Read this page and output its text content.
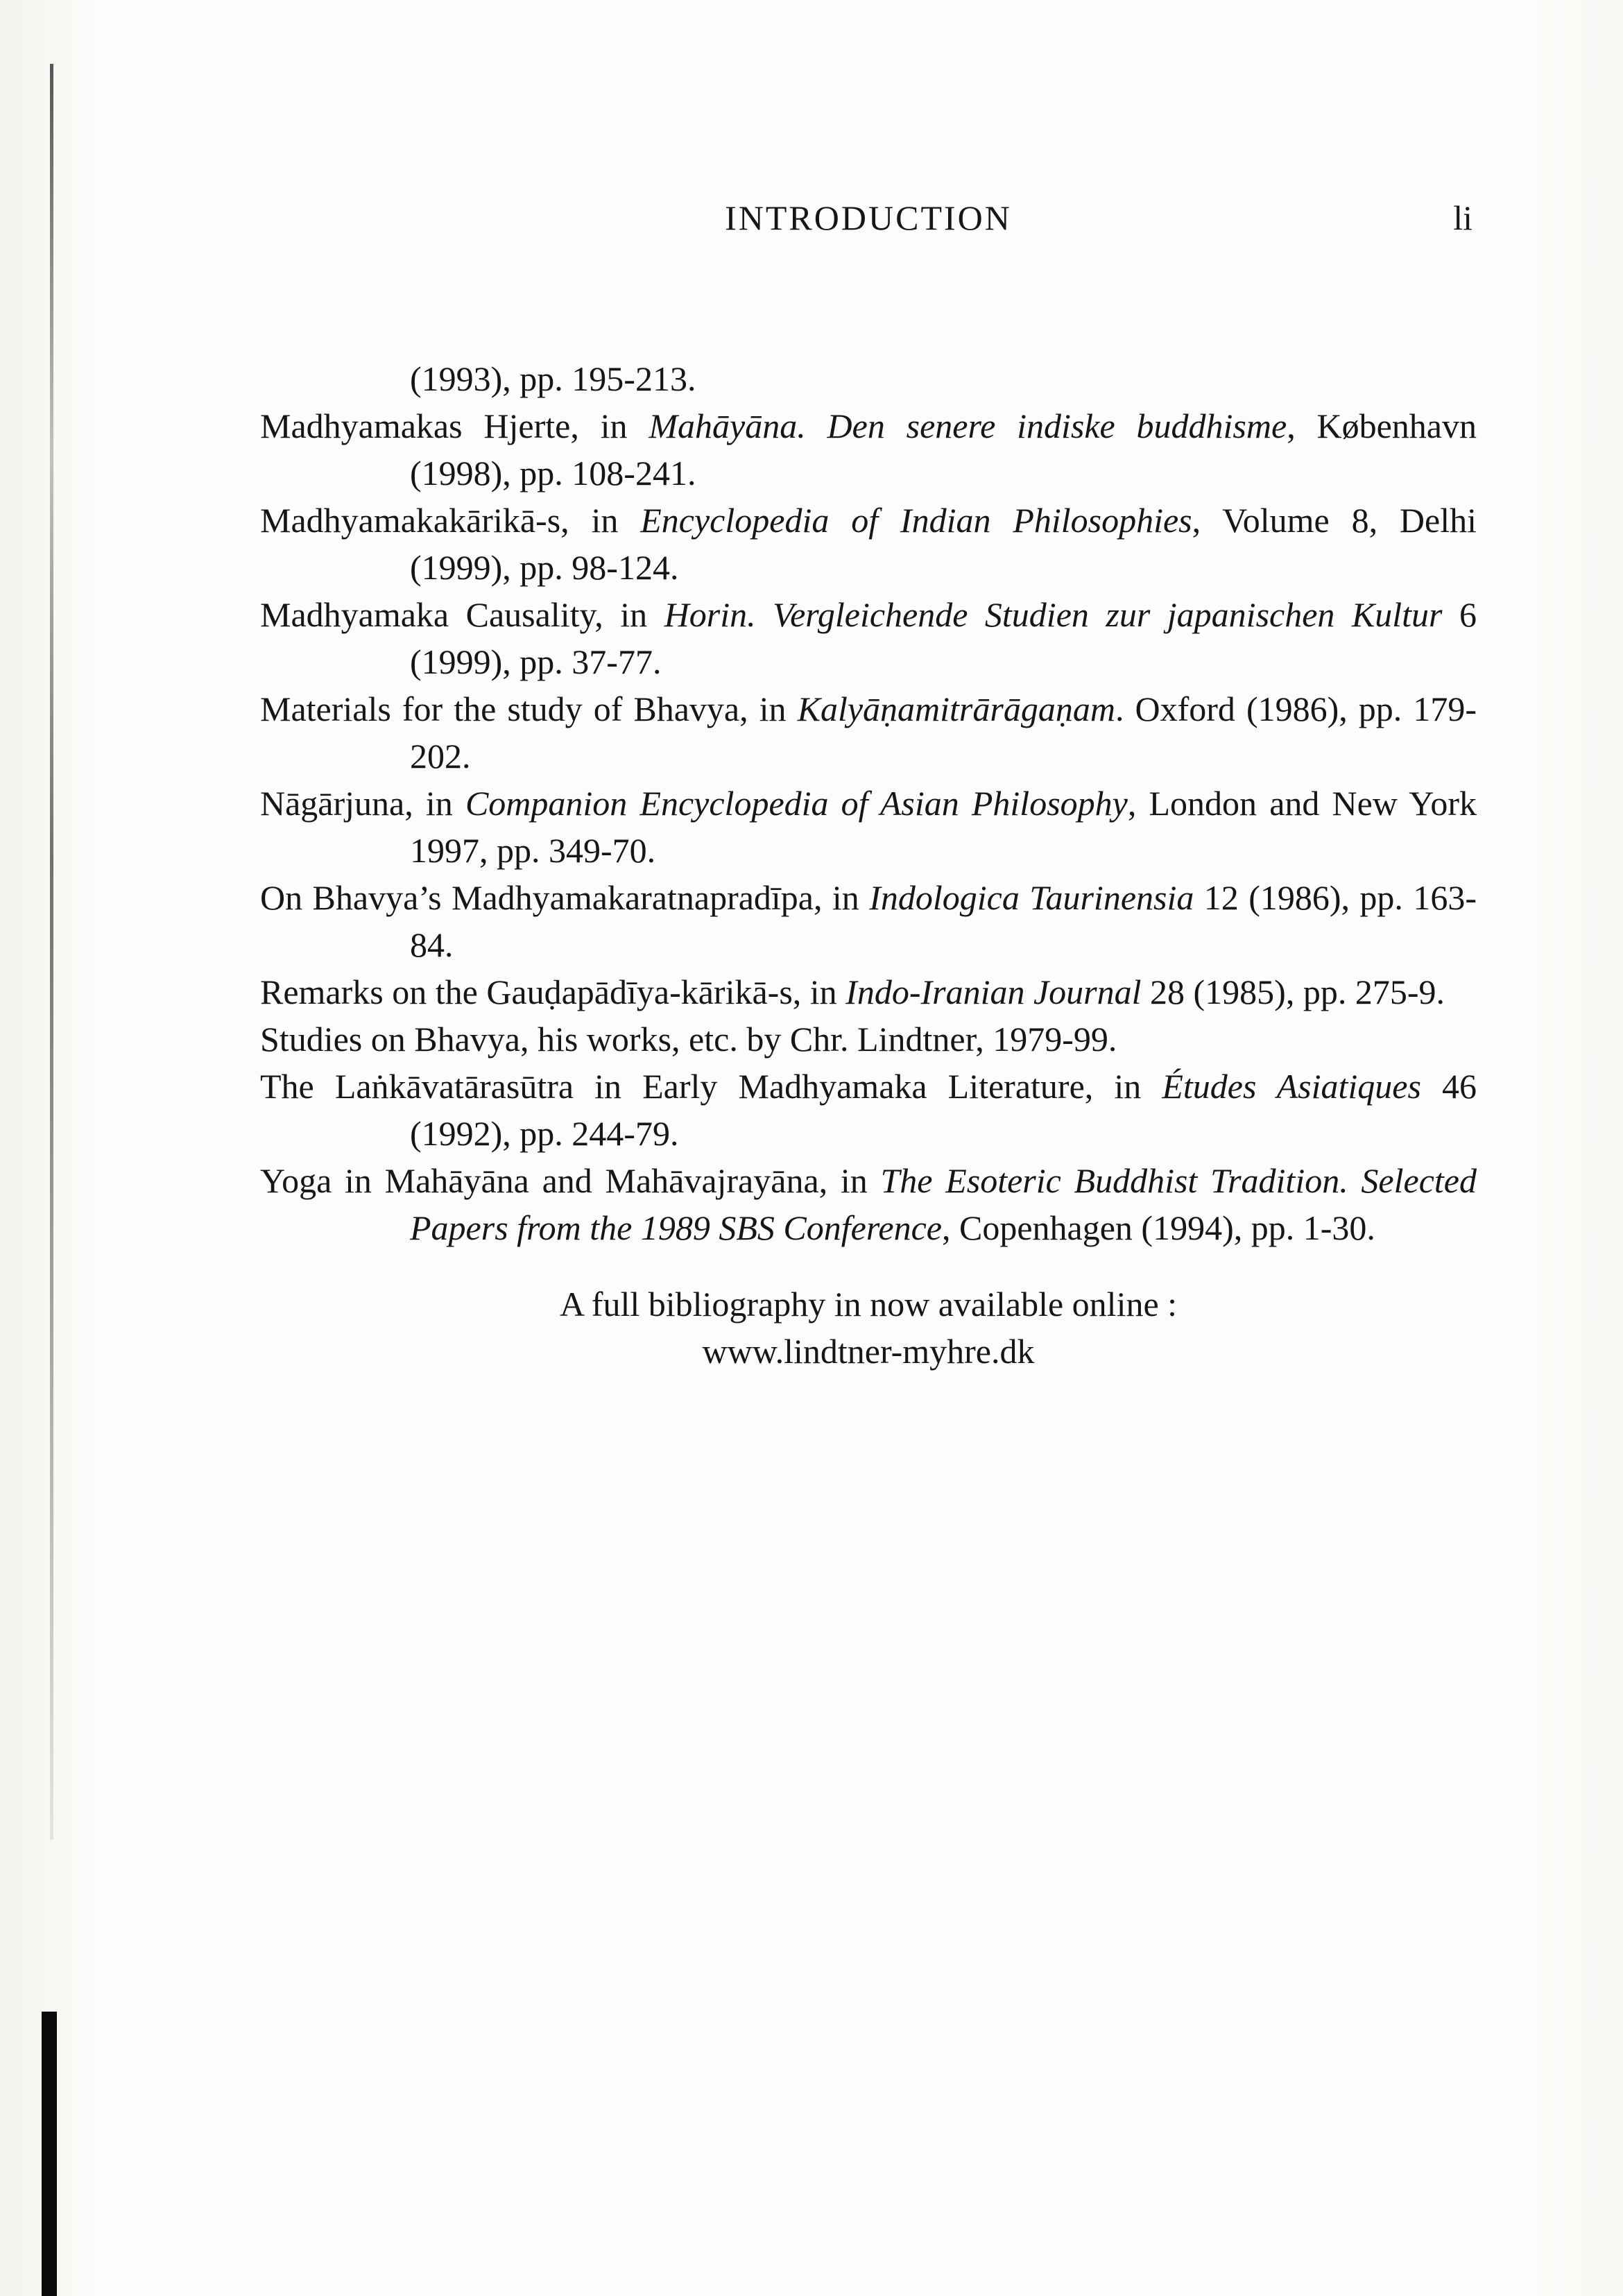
INTRODUCTION	li

(1993), pp. 195-213.

Madhyamakas Hjerte, in Mahāyāna. Den senere indiske buddhisme, København (1998), pp. 108-241.

Madhyamakakārikā-s, in Encyclopedia of Indian Philosophies, Volume 8, Delhi (1999), pp. 98-124.

Madhyamaka Causality, in Horin. Vergleichende Studien zur japanischen Kultur 6 (1999), pp. 37-77.

Materials for the study of Bhavya, in Kalyāṇamitrārāgaṇam. Oxford (1986), pp. 179-202.

Nāgārjuna, in Companion Encyclopedia of Asian Philosophy, London and New York 1997, pp. 349-70.

On Bhavya’s Madhyamakaratnapradīpa, in Indologica Taurinensia 12 (1986), pp. 163-84.

Remarks on the Gauḍapādīya-kārikā-s, in Indo-Iranian Journal 28 (1985), pp. 275-9.

Studies on Bhavya, his works, etc. by Chr. Lindtner, 1979-99.

The Laṅkāvatārasūtra in Early Madhyamaka Literature, in Études Asiatiques 46 (1992), pp. 244-79.

Yoga in Mahāyāna and Mahāvajrayāna, in The Esoteric Buddhist Tradition. Selected Papers from the 1989 SBS Conference, Copenhagen (1994), pp. 1-30.

A full bibliography in now available online :

www.lindtner-myhre.dk
